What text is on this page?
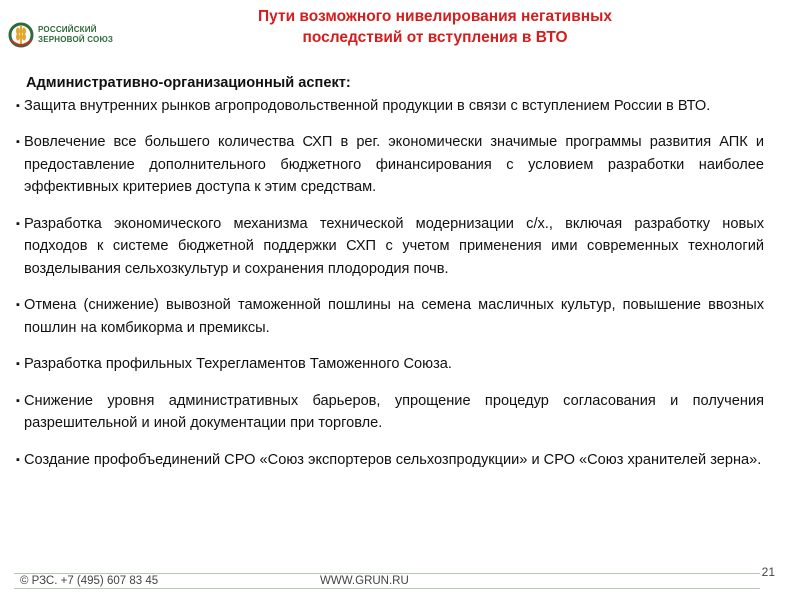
РОССИЙСКИЙ
ЗЕРНОВОЙ СОЮЗ
Пути возможного нивелирования негативных
последствий от вступления в ВТО

Административно-организационный аспект:

▪ Защита внутренних рынков агропродовольственной продукции в связи с вступлением России в ВТО.
▪ Вовлечение все большего количества СХП в рег. экономически значимые программы развития АПК и предоставление дополнительного бюджетного финансирования с условием разработки наиболее эффективных критериев доступа к этим средствам.
▪ Разработка экономического механизма технической модернизации с/х., включая разработку новых подходов к системе бюджетной поддержки СХП с учетом применения ими современных технологий возделывания сельхозкультур и сохранения плодородия почв.
▪ Отмена (снижение) вывозной таможенной пошлины на семена масличных культур, повышение ввозных пошлин на комбикорма и премиксы.
▪ Разработка профильных Техрегламентов Таможенного Союза.
▪ Снижение уровня административных барьеров, упрощение процедур согласования и получения разрешительной и иной документации при торговле.
▪ Создание профобъединений СРО «Союз экспортеров сельхозпродукции» и СРО «Союз хранителей зерна».
21
© РЗС. +7 (495) 607 83 45	WWW.GRUN.RU
